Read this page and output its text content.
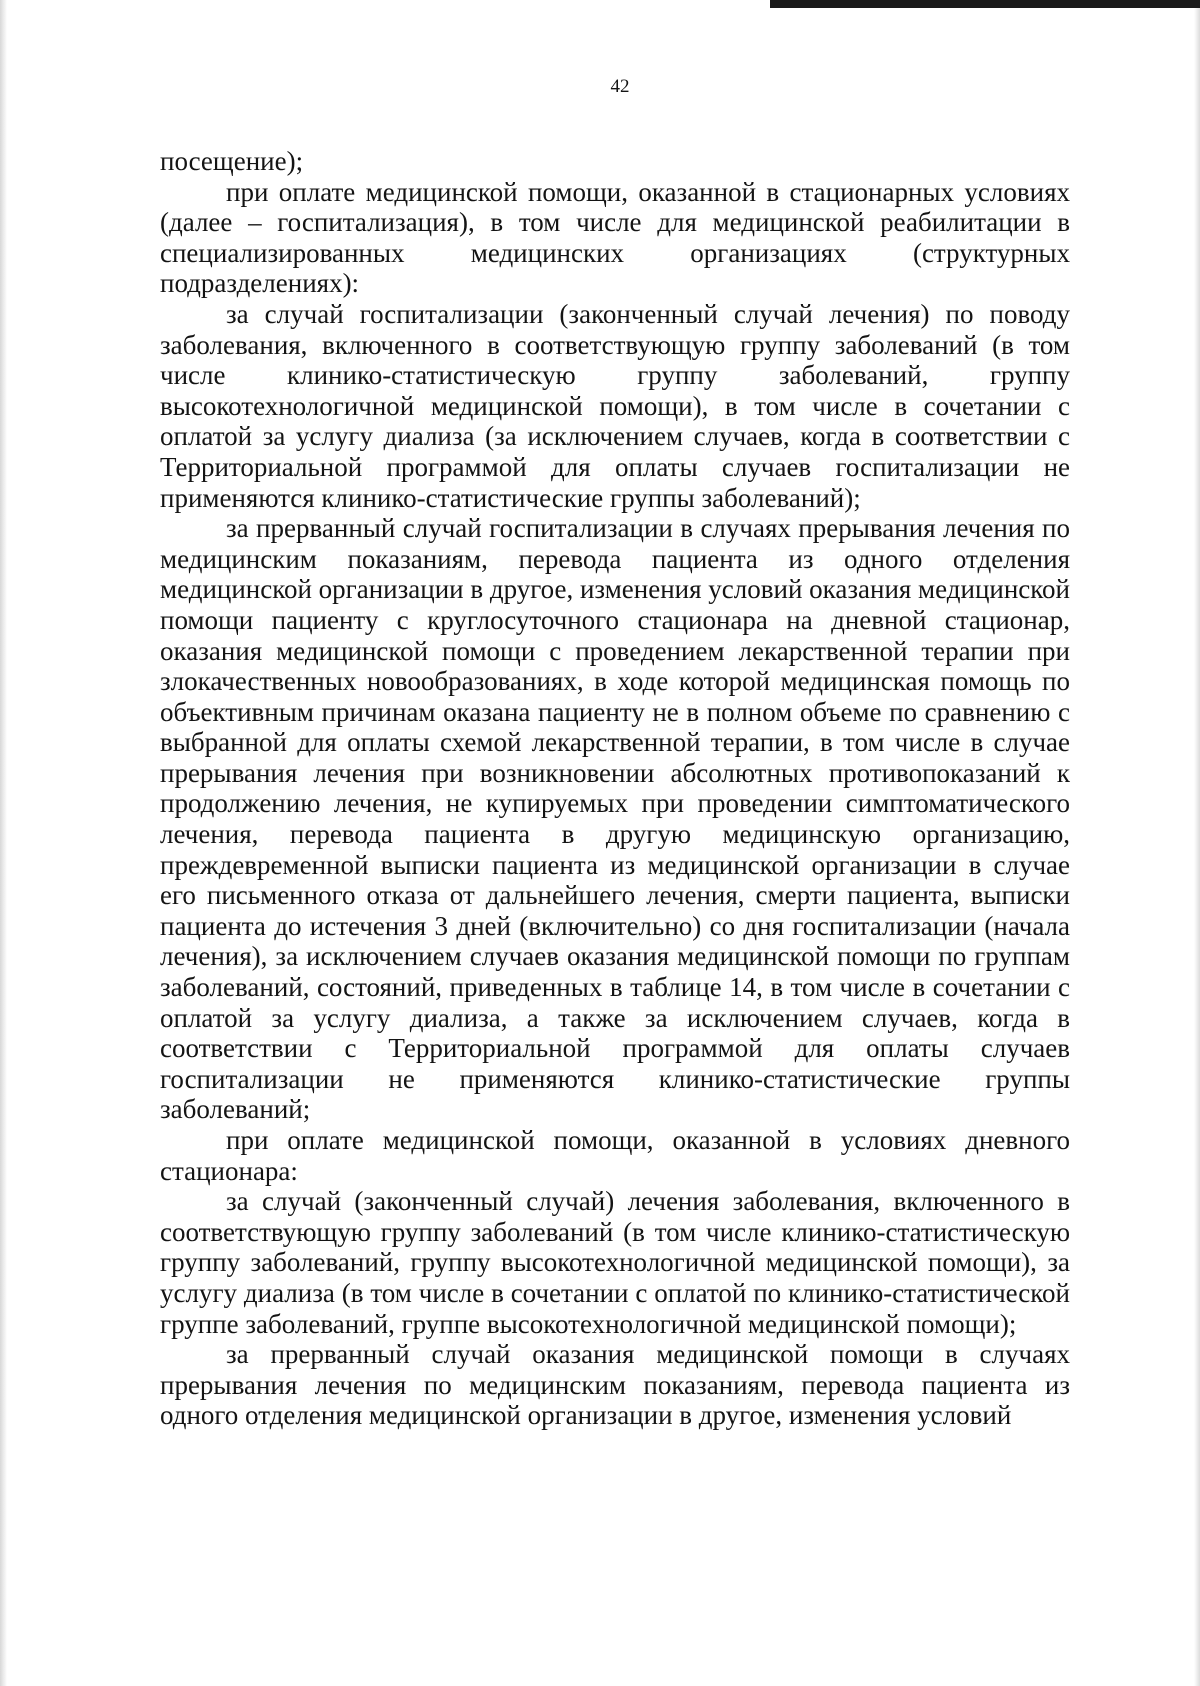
42

посещение);

при оплате медицинской помощи, оказанной в стационарных условиях (далее – госпитализация), в том числе для медицинской реабилитации в специализированных медицинских организациях (структурных подразделениях):

за случай госпитализации (законченный случай лечения) по поводу заболевания, включенного в соответствующую группу заболеваний (в том числе клинико-статистическую группу заболеваний, группу высокотехнологичной медицинской помощи), в том числе в сочетании с оплатой за услугу диализа (за исключением случаев, когда в соответствии с Территориальной программой для оплаты случаев госпитализации не применяются клинико-статистические группы заболеваний);

за прерванный случай госпитализации в случаях прерывания лечения по медицинским показаниям, перевода пациента из одного отделения медицинской организации в другое, изменения условий оказания медицинской помощи пациенту с круглосуточного стационара на дневной стационар, оказания медицинской помощи с проведением лекарственной терапии при злокачественных новообразованиях, в ходе которой медицинская помощь по объективным причинам оказана пациенту не в полном объеме по сравнению с выбранной для оплаты схемой лекарственной терапии, в том числе в случае прерывания лечения при возникновении абсолютных противопоказаний к продолжению лечения, не купируемых при проведении симптоматического лечения, перевода пациента в другую медицинскую организацию, преждевременной выписки пациента из медицинской организации в случае его письменного отказа от дальнейшего лечения, смерти пациента, выписки пациента до истечения 3 дней (включительно) со дня госпитализации (начала лечения), за исключением случаев оказания медицинской помощи по группам заболеваний, состояний, приведенных в таблице 14, в том числе в сочетании с оплатой за услугу диализа, а также за исключением случаев, когда в соответствии с Территориальной программой для оплаты случаев госпитализации не применяются клинико-статистические группы заболеваний;

при оплате медицинской помощи, оказанной в условиях дневного стационара:

за случай (законченный случай) лечения заболевания, включенного в соответствующую группу заболеваний (в том числе клинико-статистическую группу заболеваний, группу высокотехнологичной медицинской помощи), за услугу диализа (в том числе в сочетании с оплатой по клинико-статистической группе заболеваний, группе высокотехнологичной медицинской помощи);

за прерванный случай оказания медицинской помощи в случаях прерывания лечения по медицинским показаниям, перевода пациента из одного отделения медицинской организации в другое, изменения условий
